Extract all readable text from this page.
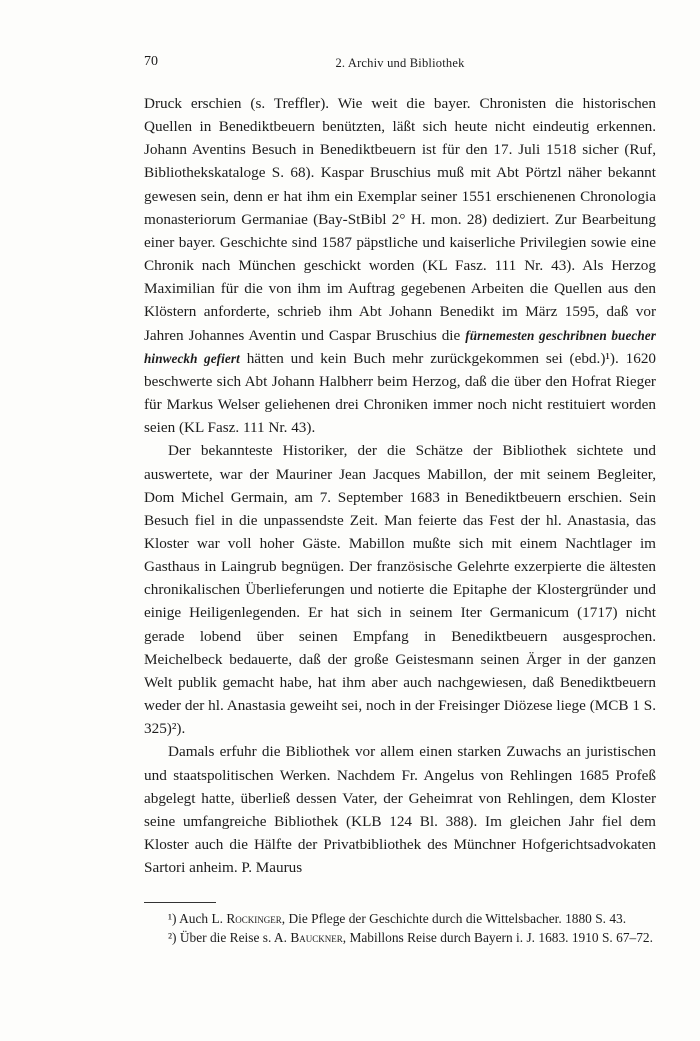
70	2. Archiv und Bibliothek

Druck erschien (s. Treffler). Wie weit die bayer. Chronisten die historischen Quellen in Benediktbeuern benützten, läßt sich heute nicht eindeutig erkennen. Johann Aventins Besuch in Benediktbeuern ist für den 17. Juli 1518 sicher (Ruf, Bibliothekskataloge S. 68). Kaspar Bruschius muß mit Abt Pörtzl näher bekannt gewesen sein, denn er hat ihm ein Exemplar seiner 1551 erschienenen Chronologia monasteriorum Germaniae (Bay-StBibl 2° H. mon. 28) dediziert. Zur Bearbeitung einer bayer. Geschichte sind 1587 päpstliche und kaiserliche Privilegien sowie eine Chronik nach München geschickt worden (KL Fasz. 111 Nr. 43). Als Herzog Maximilian für die von ihm im Auftrag gegebenen Arbeiten die Quellen aus den Klöstern anforderte, schrieb ihm Abt Johann Benedikt im März 1595, daß vor Jahren Johannes Aventin und Caspar Bruschius die fürnemesten geschribnen buecher hinweckh gefiert hätten und kein Buch mehr zurückgekommen sei (ebd.)¹). 1620 beschwerte sich Abt Johann Halbherr beim Herzog, daß die über den Hofrat Rieger für Markus Welser geliehenen drei Chroniken immer noch nicht restituiert worden seien (KL Fasz. 111 Nr. 43).

Der bekannteste Historiker, der die Schätze der Bibliothek sichtete und auswertete, war der Mauriner Jean Jacques Mabillon, der mit seinem Begleiter, Dom Michel Germain, am 7. September 1683 in Benediktbeuern erschien. Sein Besuch fiel in die unpassendste Zeit. Man feierte das Fest der hl. Anastasia, das Kloster war voll hoher Gäste. Mabillon mußte sich mit einem Nachtlager im Gasthaus in Laingrub begnügen. Der französische Gelehrte exzerpierte die ältesten chronikalischen Überlieferungen und notierte die Epitaphe der Klostergründer und einige Heiligenlegenden. Er hat sich in seinem Iter Germanicum (1717) nicht gerade lobend über seinen Empfang in Benediktbeuern ausgesprochen. Meichelbeck bedauerte, daß der große Geistesmann seinen Ärger in der ganzen Welt publik gemacht habe, hat ihm aber auch nachgewiesen, daß Benediktbeuern weder der hl. Anastasia geweiht sei, noch in der Freisinger Diözese liege (MCB 1 S. 325)²).

Damals erfuhr die Bibliothek vor allem einen starken Zuwachs an juristischen und staatspolitischen Werken. Nachdem Fr. Angelus von Rehlingen 1685 Profeß abgelegt hatte, überließ dessen Vater, der Geheimrat von Rehlingen, dem Kloster seine umfangreiche Bibliothek (KLB 124 Bl. 388). Im gleichen Jahr fiel dem Kloster auch die Hälfte der Privatbibliothek des Münchner Hofgerichtsadvokaten Sartori anheim. P. Maurus

¹) Auch L. Rockinger, Die Pflege der Geschichte durch die Wittelsbacher. 1880 S. 43.

²) Über die Reise s. A. Bauckner, Mabillons Reise durch Bayern i. J. 1683. 1910 S. 67–72.
